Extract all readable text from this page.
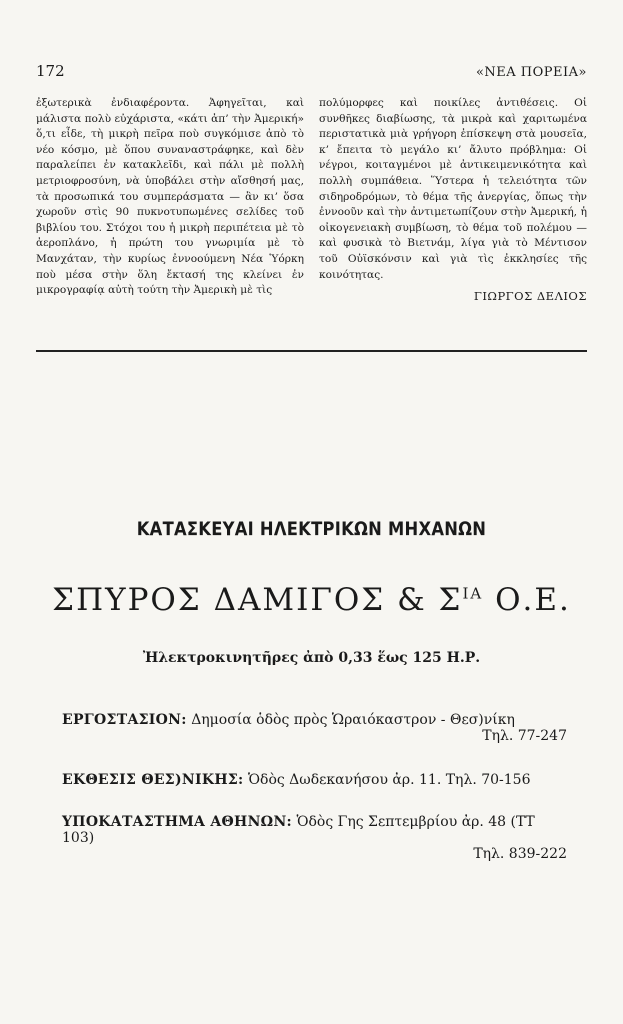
172	«ΝΕΑ ΠΟΡΕΙΑ»

ἐξωτερικὰ ἐνδιαφέροντα. Ἀφηγεῖται, καὶ μάλιστα πολὺ εὐχάριστα, «κάτι ἀπ’ τὴν Ἀμερική» ὅ,τι εἶδε, τὴ μικρὴ πεῖρα ποὺ συγκόμισε ἀπὸ τὸ νέο κόσμο, μὲ ὅπου συναναστράφηκε, καὶ δὲν παραλείπει ἐν κατακλεῖδι, καὶ πάλι μὲ πολλὴ μετριοφροσύνη, νὰ ὑποβάλει στὴν αἴσθησή μας, τὰ προσωπικά του συμπεράσματα — ἂν κι’ ὅσα χωροῦν στὶς 90 πυκνοτυπωμένες σελίδες τοῦ βιβλίου του. Στόχοι του ἡ μικρὴ περιπέτεια μὲ τὸ ἀεροπλάνο, ἡ πρώτη του γνωριμία μὲ τὸ Μανχάταν, τὴν κυρίως ἐννοούμενη Νέα Ὑόρκη ποὺ μέσα στὴν ὅλη ἔκτασή της κλείνει ἐν μικρογραφίᾳ αὐτὴ τούτη τὴν Ἀμερικὴ μὲ τὶς

πολύμορφες καὶ ποικίλες ἀντιθέσεις. Οἱ συνθῆκες διαβίωσης, τὰ μικρὰ καὶ χαριτωμένα περιστατικὰ μιὰ γρήγορη ἐπίσκεψη στὰ μουσεῖα, κ’ ἔπειτα τὸ μεγάλο κι’ ἄλυτο πρόβλημα: Οἱ νέγροι, κοιταγμένοι μὲ ἀντικειμενικότητα καὶ πολλὴ συμπάθεια. Ὕστερα ἡ τελειότητα τῶν σιδηροδρόμων, τὸ θέμα τῆς ἀνεργίας, ὅπως τὴν ἐννοοῦν καὶ τὴν ἀντιμετωπίζουν στὴν Ἀμερική, ἡ οἰκογενειακὴ συμβίωση, τὸ θέμα τοῦ πολέμου — καὶ φυσικὰ τὸ Βιετνάμ, λίγα γιὰ τὸ Μέντισον τοῦ Οὐϊσκόνσιν καὶ γιὰ τὶς ἐκκλησίες τῆς κοινότητας.

ΓΙΩΡΓΟΣ ΔΕΛΙΟΣ
ΚΑΤΑΣΚΕΥΑΙ ΗΛΕΚΤΡΙΚΩΝ ΜΗΧΑΝΩΝ
ΣΠΥΡΟΣ ΔΑΜΙΓΟΣ & $\Sigma^{IA}$ Ο.Ε.
Ἠλεκτροκινητῆρες ἀπὸ 0,33 ἕως 125 Η.Ρ.
ΕΡΓΟΣΤΑΣΙΟΝ: Δημοσία ὁδὸς πρὸς Ὡραιόκαστρον - Θεσ)νίκη
Τηλ. 77-247
ΕΚΘΕΣΙΣ ΘΕΣ)ΝΙΚΗΣ: Ὁδὸς Δωδεκανήσου ἀρ. 11. Τηλ. 70-156
ΥΠΟΚΑΤΑΣΤΗΜΑ ΑΘΗΝΩΝ: Ὁδὸς Γης Σεπτεμβρίου ἀρ. 48 (ΤΤ 103)
Τηλ. 839-222
